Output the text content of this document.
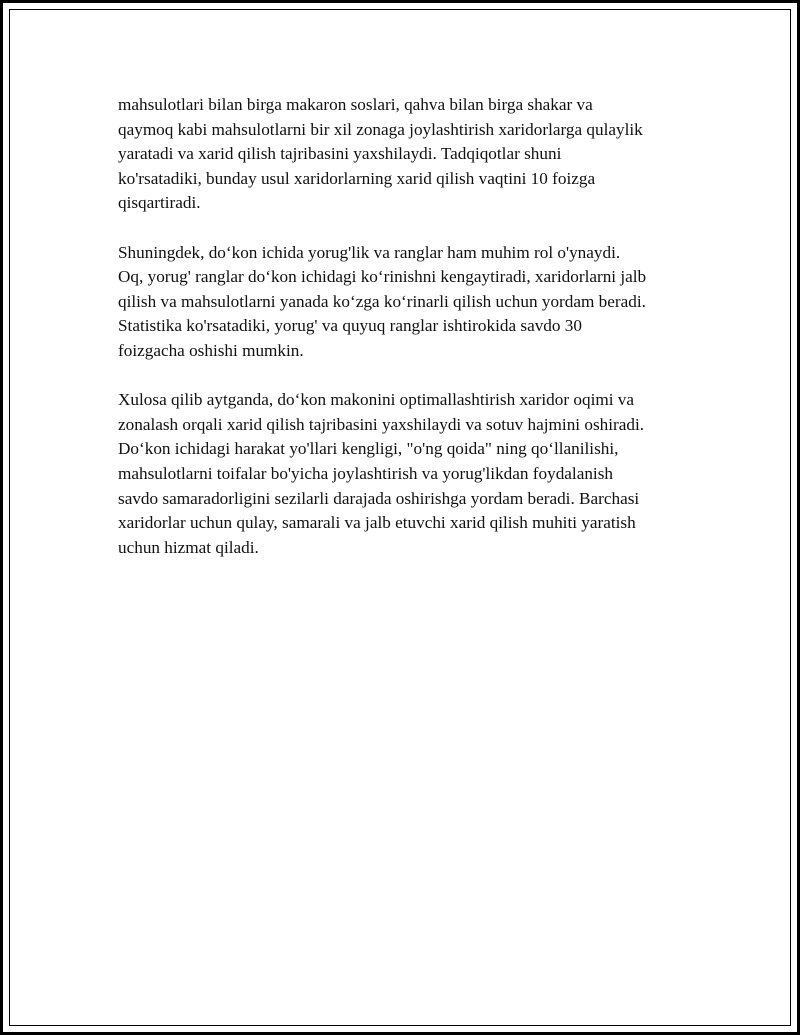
mahsulotlari bilan birga makaron soslari, qahva bilan birga shakar va
qaymoq kabi mahsulotlarni bir xil zonaga joylashtirish xaridorlarga qulaylik
yaratadi va xarid qilish tajribasini yaxshilaydi. Tadqiqotlar shuni
ko'rsatadiki, bunday usul xaridorlarning xarid qilish vaqtini 10 foizga
qisqartiradi.

Shuningdek, do‘kon ichida yorug'lik va ranglar ham muhim rol o'ynaydi.
Oq, yorug' ranglar do‘kon ichidagi ko‘rinishni kengaytiradi, xaridorlarni jalb
qilish va mahsulotlarni yanada ko‘zga ko‘rinarli qilish uchun yordam beradi.
Statistika ko'rsatadiki, yorug' va quyuq ranglar ishtirokida savdo 30
foizgacha oshishi mumkin.

Xulosa qilib aytganda, do‘kon makonini optimallashtirish xaridor oqimi va
zonalash orqali xarid qilish tajribasini yaxshilaydi va sotuv hajmini oshiradi.
Do‘kon ichidagi harakat yo'llari kengligi, "o'ng qoida" ning qo‘llanilishi,
mahsulotlarni toifalar bo'yicha joylashtirish va yorug'likdan foydalanish
savdo samaradorligini sezilarli darajada oshirishga yordam beradi. Barchasi
xaridorlar uchun qulay, samarali va jalb etuvchi xarid qilish muhiti yaratish
uchun hizmat qiladi.
